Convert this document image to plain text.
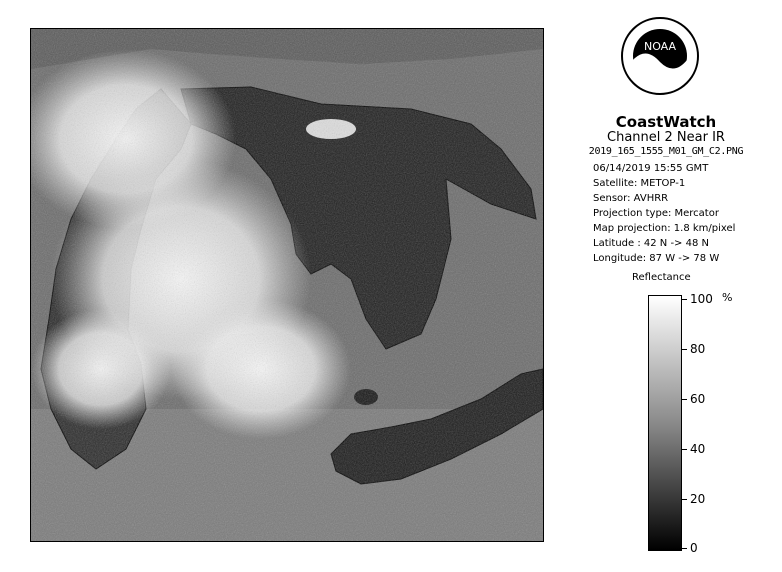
NOAA
CoastWatch
Channel 2 Near IR
2019_165_1555_M01_GM_C2.PNG
06/14/2019 15:55 GMT
Satellite: METOP-1
Sensor: AVHRR
Projection type: Mercator
Map projection: 1.8 km/pixel
Latitude : 42 N -> 48 N
Longitude: 87 W -> 78 W
Reflectance
%
100
80
60
40
20
0
